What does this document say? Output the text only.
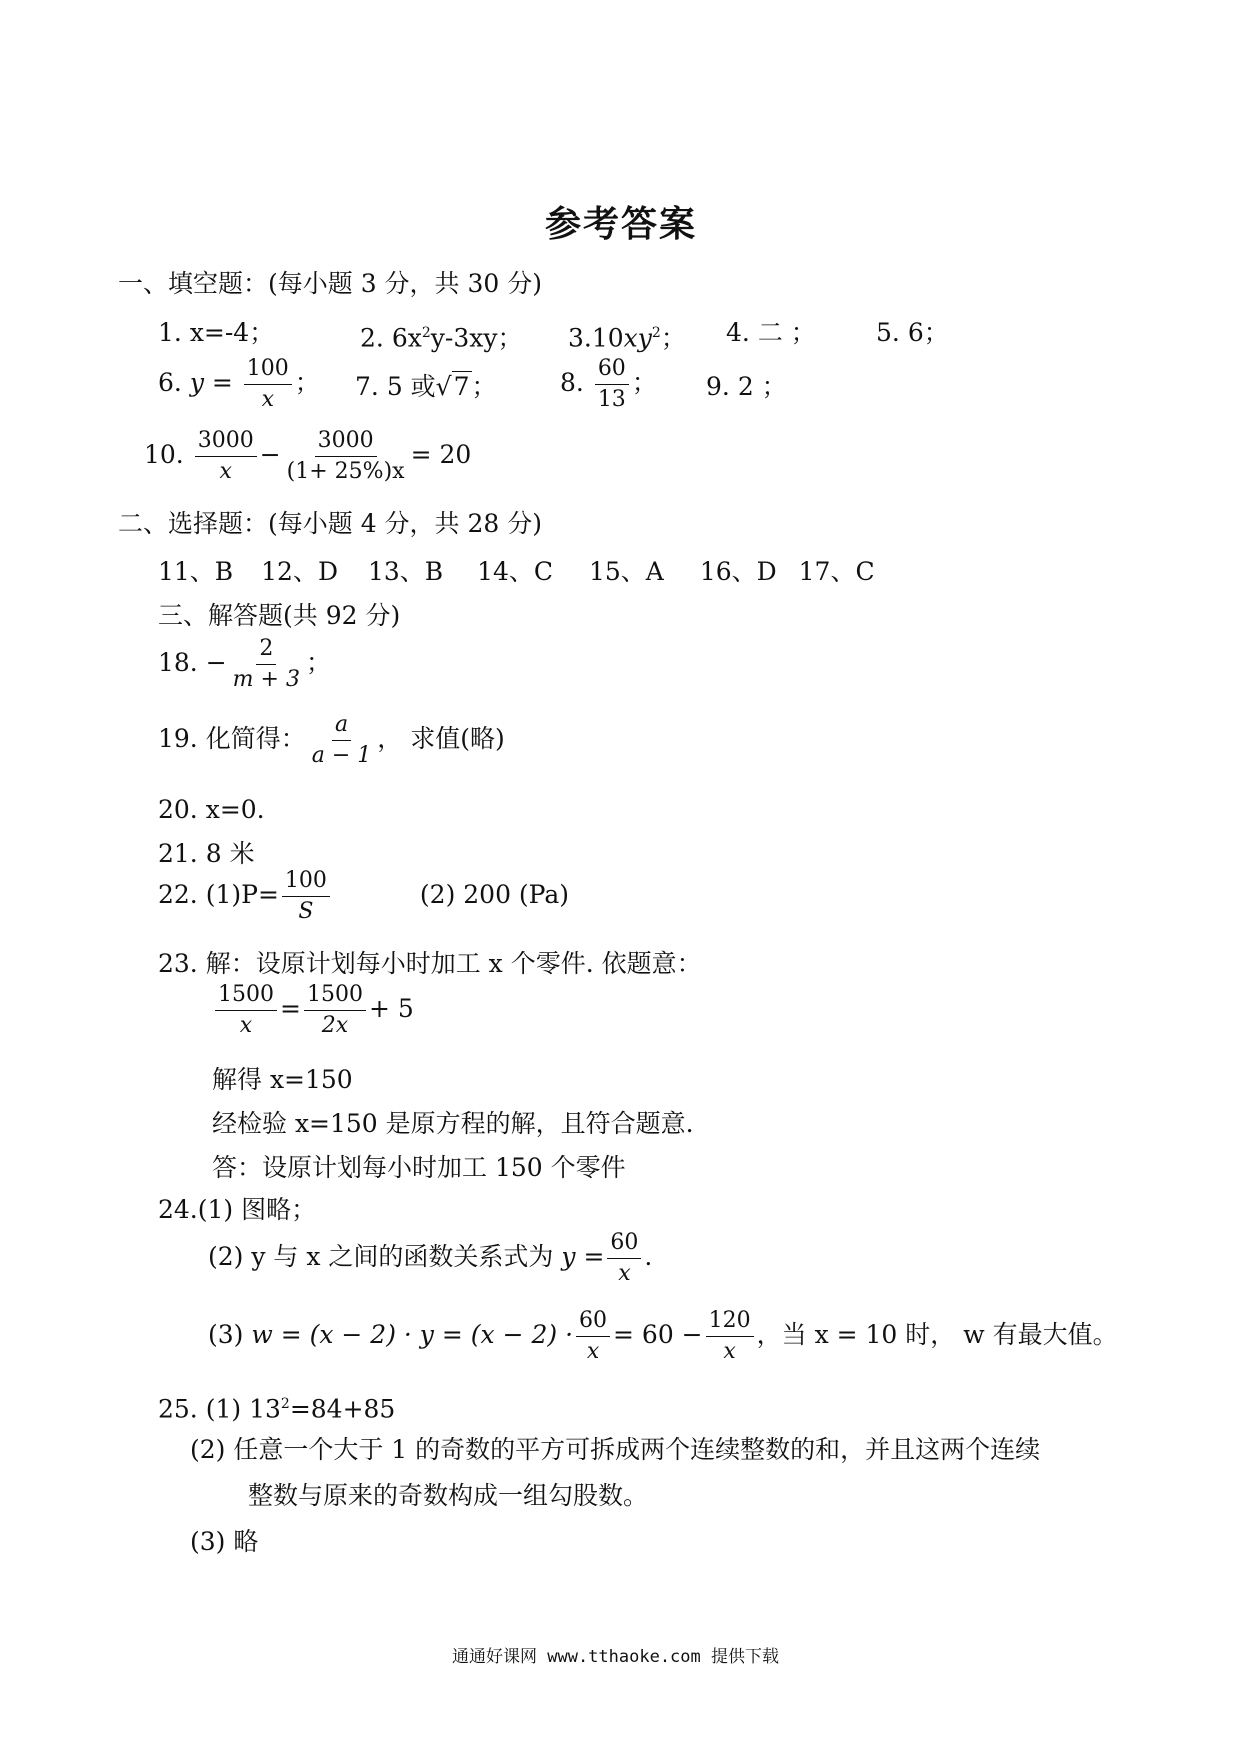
参考答案
一、填空题：(每小题 3 分，共 30 分)
1. x=-4；	2. $6x^2y-3xy$； $3.10xy^2$； 4. 二 ； 5. 6；
6. $y = \frac{100}{x}$ ； 7. 5 或√7；	8. $\frac{60}{13}$ ； 9. 2 ；
10. $\frac{3000}{x} - \frac{3000}{(1+ 25\%)x} = 20$
二、选择题：(每小题 4 分，共 28 分)
11、B 12、D 13、B 14、C 15、A 16、D 17、C
三、解答题(共 92 分)
18. − $\frac{2}{m + 3}$ ；
19. 化简得： $\frac{a}{a - 1}$ ， 求值(略)
20. x=0.
21. 8 米
22. $(1)P= \frac{100}{S}$	(2) 200 (Pa)
23. 解：设原计划每小时加工 x 个零件. 依题意：
$\frac{1500}{x} = \frac{1500}{2x} + 5$
解得 x=150
经检验 x=150 是原方程的解，且符合题意.
答：设原计划每小时加工 150 个零件
24.(1) 图略；
(2) y 与 x 之间的函数关系式为 $y = \frac{60}{x}$ .
(3) $w = (x - 2) \cdot y = (x - 2) \cdot \frac{60}{x} = 60 - \frac{120}{x}$ ，当 x = 10 时， w 有最大值。
25. (1) $13^2=84+85$
(2) 任意一个大于 1 的奇数的平方可拆成两个连续整数的和，并且这两个连续
整数与原来的奇数构成一组勾股数。
(3) 略
通通好课网 www.tthaoke.com 提供下载
